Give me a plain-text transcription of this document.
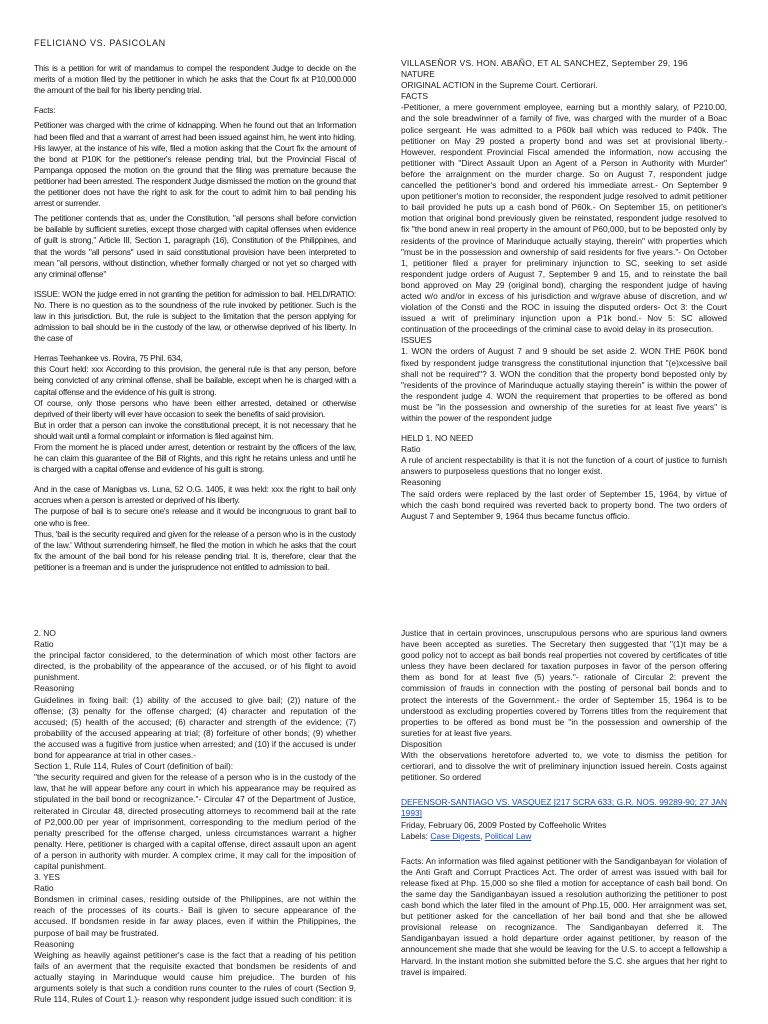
FELICIANO VS. PASICOLAN

This is a petition for writ of mandamus to compel the respondent Judge to decide on the merits of a motion filed by the petitioner in which he asks that the Court fix at P10,000.000 the amount of the bail for his liberty pending trial.

Facts:

Petitioner was charged with the crime of kidnapping. When he found out that an Information had been filed and that a warrant of arrest had been issued against him, he went into hiding. His lawyer, at the instance of his wife, filed a motion asking that the Court fix the amount of the bond at P10K for the petitioner's release pending trial, but the Provincial Fiscal of Pampanga opposed the motion on the ground that the filing was premature because the petitioner had been arrested. The respondent Judge dismissed the motion on the ground that the petitioner does not have the right to ask for the court to admit him to bail pending his arrest or surrender.

The petitioner contends that as, under the Constitution, "all persons shall before conviction be bailable by sufficient sureties, except those charged with capital offenses when evidence of guilt is strong," Article III, Section 1, paragraph (16), Constitution of the Philippines, and that the words "all persons" used in said constitutional provision have been interpreted to mean "all persons, without distinction, whether formally charged or not yet so charged with any criminal offense"

ISSUE: WON the judge erred in not granting the petition for admission to bail. HELD/RATIO: No. There is no question as to the soundness of the rule invoked by petitioner. Such is the law in this jurisdiction. But, the rule is subject to the limitation that the person applying for admission to bail should be in the custody of the law, or otherwise deprived of his liberty. In the case of

Herras Teehankee vs. Rovira, 75 Phil. 634,

this Court held: xxx According to this provision, the general rule is that any person, before being convicted of any criminal offense, shall be bailable, except when he is charged with a capital offense and the evidence of his guilt is strong.

Of course, only those persons who have been either arrested, detained or otherwise deprived of their liberty will ever have occasion to seek the benefits of said provision.

But in order that a person can invoke the constitutional precept, it is not necessary that he should wait until a formal complaint or information is filed against him.

From the moment he is placed under arrest, detention or restraint by the officers of the law, he can claim this guarantee of the Bill of Rights, and this right he retains unless and until he is charged with a capital offense and evidence of his guilt is strong.

And in the case of Manigbas vs. Luna, 52 O.G. 1405, it was held: xxx the right to bail only accrues when a person is arrested or deprived of his liberty.

The purpose of bail is to secure one's release and it would be incongruous to grant bail to one who is free.

Thus, 'bail is the security required and given for the release of a person who is in the custody of the law.' Without surrendering himself, he filed the motion in which he asks that the court fix the amount of the bail bond for his release pending trial. It is, therefore, clear that the petitioner is a freeman and is under the jurisprudence not entitled to admission to bail.

VILLASEÑOR VS. HON. ABAÑO, ET AL SANCHEZ, September 29, 196

NATURE

ORIGINAL ACTION in the Supreme Court. Certiorari.

FACTS

-Petitioner, a mere government employee, earning but a monthly salary, of P210.00, and the sole breadwinner of a family of five, was charged with the murder of a Boac police sergeant. He was admitted to a P60k bail which was reduced to P40k. The petitioner on May 29 posted a property bond and was set at provisional liberty.- However, respondent Provincial Fiscal amended the information, now accusing the petitioner with "Direct Assault Upon an Agent of a Person in Authority with Murder" before the arraignment on the murder charge. So on August 7, respondent judge cancelled the petitioner's bond and ordered his immediate arrest.- On September 9 upon petitioner's motion to reconsider, the respondent judge resolved to admit petitioner to bail provided he puts up a cash bond of P60k.- On September 15, on petitioner's motion that original bond previously given be reinstated, respondent judge resolved to fix "the bond anew in real property in the amount of P60,000, but to be beposted only by residents of the province of Marinduque actually staying, therein" with properties which "must be in the possession and ownership of said residents for five years."- On October 1, petitioner filed a prayer for preliminary injunction to SC, seeking to set aside respondent judge orders of August 7, September 9 and 15, and to reinstate the bail bond approved on May 29 (original bond), charging the respondent judge of having acted w/o and/or in excess of his jurisdiction and w/grave abuse of discretion, and w/ violation of the Consti and the ROC in issuing the disputed orders- Oct 3: the Court issued a writ of preliminary injunction upon a P1k bond.- Nov 5: SC allowed continuation of the proceedings of the criminal case to avoid delay in its prosecution.

ISSUES

1. WON the orders of August 7 and 9 should be set aside 2. WON THE P60K bond fixed by respondent judge transgress the constitutional injunction that "(e)xcessive bail shall not be required"? 3. WON the condition that the property bond beposted only by "residents of the province of Marinduque actually staying therein" is within the power of the respondent judge 4. WON the requirement that properties to be offered as bond must be "in the possession and ownership of the sureties for at least five years" is within the power of the respondent judge

HELD 1. NO NEED

Ratio

A rule of ancient respectability is that it is not the function of a court of justice to furnish answers to purposeless questions that no longer exist.

Reasoning

The said orders were replaced by the last order of September 15, 1964, by virtue of which the cash bond required was reverted back to property bond. The two orders of August 7 and September 9, 1964 thus became functus officio.

2. NO

Ratio

the principal factor considered, to the determination of which most other factors are directed, is the probability of the appearance of the accused, or of his flight to avoid punishment.

Reasoning

Guidelines in fixing bail: (1) ability of the accused to give bail; (2)) nature of the offense; (3) penalty for the offense charged; (4) character and reputation of the accused; (5) health of the accused; (6) character and strength of the evidence; (7) probability of the accused appearing at trial; (8) forfeiture of other bonds; (9) whether the accused was a fugitive from justice when arrested; and (10) if the accused is under bond for appearance at trial in other cases.-

Section 1, Rule 114, Rules of Court (definition of bail):

"the security required and given for the release of a person who is in the custody of the law, that he will appear before any court in which his appearance may be required as stipulated in the bail bond or recognizance."- Circular 47 of the Department of Justice, reiterated in Circular 48, directed prosecuting attorneys to recommend bail at the rate of P2,000.00 per year of imprisonment, corresponding to the medium period of the penalty prescribed for the offense charged, unless circumstances warrant a higher penalty. Here, petitioner is charged with a capital offense, direct assault upon an agent of a person in authority with murder. A complex crime, it may call for the imposition of capital punishment.

3. YES

Ratio

Bondsmen in criminal cases, residing outside of the Philippines, are not within the reach of the processes of its courts.- Bail is given to secure appearance of the accused. If bondsmen reside in far away places, even if within the Philippines, the purpose of bail may be frustrated.

Reasoning

Weighing as heavily against petitioner's case is the fact that a reading of his petition fails of an averment that the requisite exacted that bondsmen be residents of and actually staying in Marinduque would cause him prejudice. The burden of his arguments solely is that such a condition runs counter to the rules of court (Section 9, Rule 114, Rules of Court 1.)- reason why respondent judge issued such condition: it is

Justice that in certain provinces, unscrupulous persons who are spurious land owners have been accepted as sureties. The Secretary then suggested that "(1)t may be a good policy not to accept as bail bonds real properties not covered by certificates of title unless they have been declared for taxation purposes in favor of the person offering them as bond for at least five (5) years."- rationale of Circular 2: prevent the commission of frauds in connection with the posting of personal bail bonds and to protect the interests of the Government.- the order of September 15, 1964 is to be understood as excluding properties covered by Torrens titles from the requirement that properties to be offered as bond must be "in the possession and ownership of the sureties for at least five years.

Disposition

With the observations heretofore adverted to, we vote to dismiss the petition for certiorari, and to dissolve the writ of preliminary injunction issued herein. Costs against petitioner. So ordered

DEFENSOR-SANTIAGO VS. VASQUEZ [217 SCRA 633; G.R. NOS. 99289-90; 27 JAN 1993]

Friday, February 06, 2009 Posted by Coffeeholic Writes

Labels: Case Digests, Political Law

Facts: An information was filed against petitioner with the Sandiganbayan for violation of the Anti Graft and Corrupt Practices Act. The order of arrest was issued with bail for release fixed at Php. 15,000 so she filed a motion for acceptance of cash bail bond. On the same day the Sandiganbayan issued a resolution authorizing the petitioner to post cash bond which the later filed in the amount of Php.15, 000. Her arraignment was set, but petitioner asked for the cancellation of her bail bond and that she be allowed provisional release on recognizance. The Sandiganbayan deferred it. The Sandiganbayan issued a hold departure order against petitioner, by reason of the announcement she made that she would be leaving for the U.S. to accept a fellowship a Harvard. In the instant motion she submitted before the S.C. she argues that her right to travel is impaired.
